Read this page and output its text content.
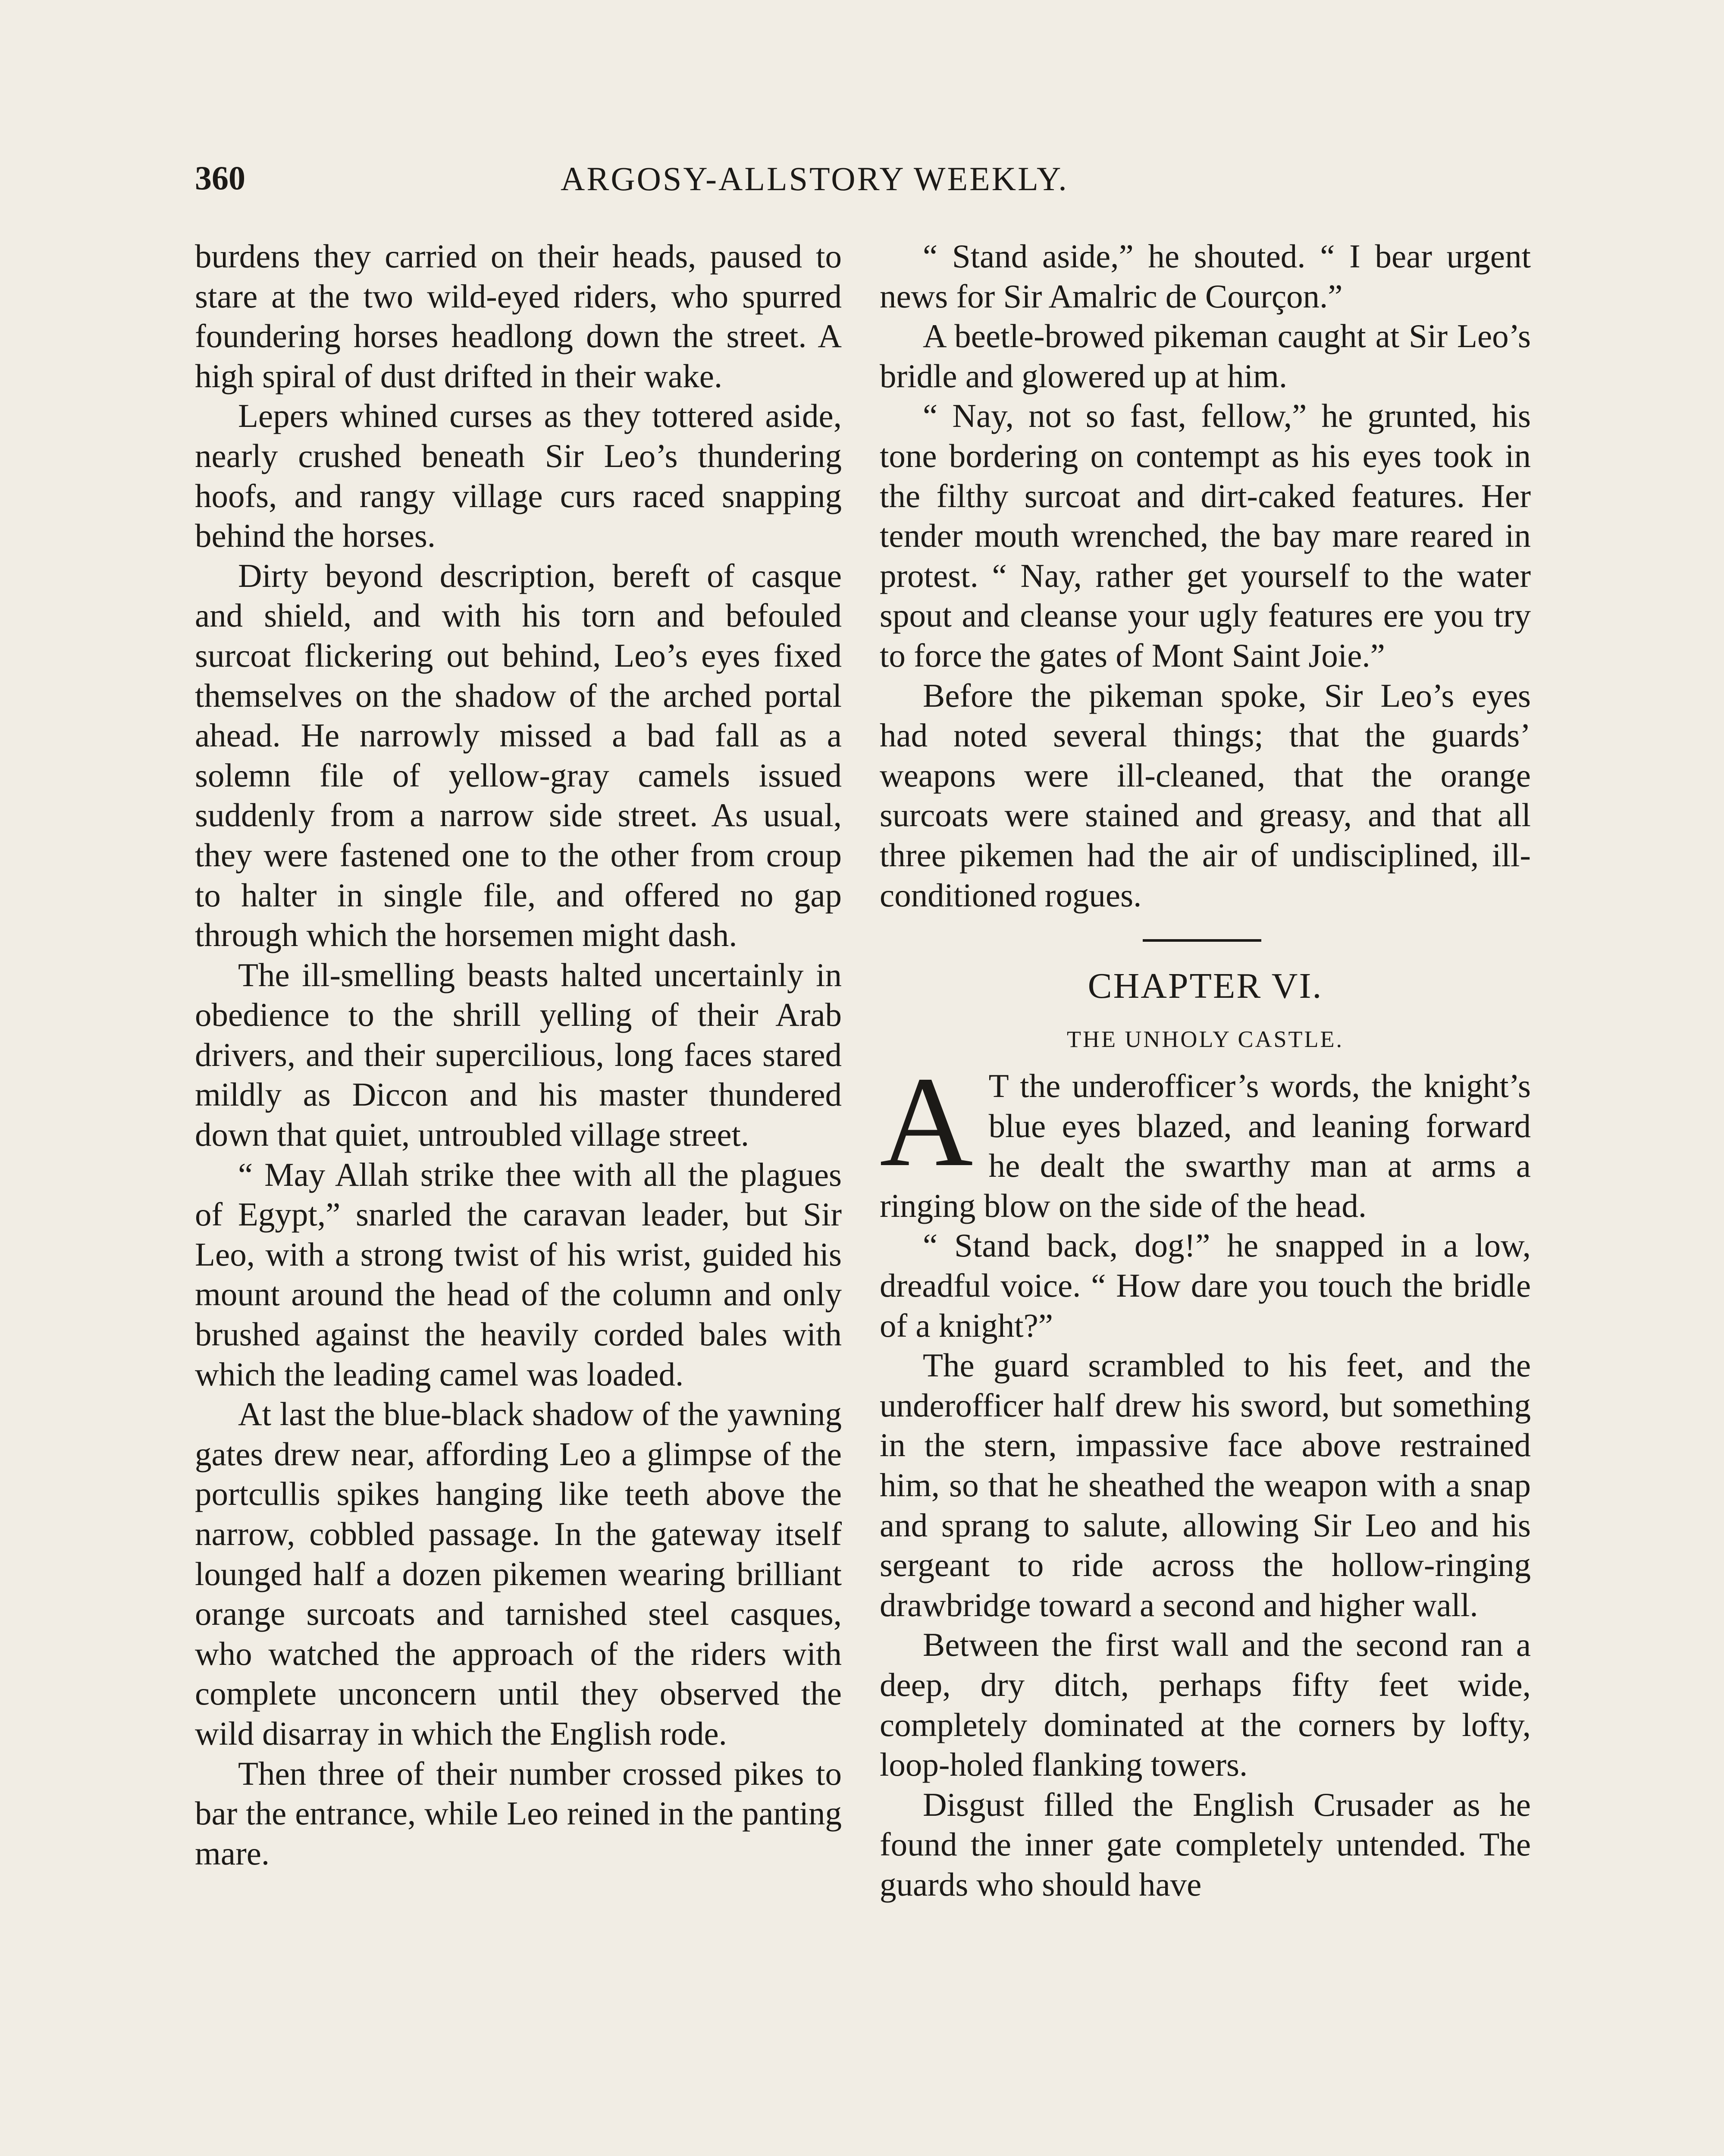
360	ARGOSY-ALLSTORY WEEKLY.

burdens they carried on their heads, paused to stare at the two wild-eyed riders, who spurred foundering horses headlong down the street. A high spiral of dust drifted in their wake.

Lepers whined curses as they tottered aside, nearly crushed beneath Sir Leo’s thundering hoofs, and rangy village curs raced snapping behind the horses.

Dirty beyond description, bereft of casque and shield, and with his torn and befouled surcoat flickering out behind, Leo’s eyes fixed themselves on the shadow of the arched portal ahead. He narrowly missed a bad fall as a solemn file of yellow-gray camels issued suddenly from a narrow side street. As usual, they were fastened one to the other from croup to halter in single file, and offered no gap through which the horsemen might dash.

The ill-smelling beasts halted uncertainly in obedience to the shrill yelling of their Arab drivers, and their supercilious, long faces stared mildly as Diccon and his master thundered down that quiet, untroubled village street.

“ May Allah strike thee with all the plagues of Egypt,” snarled the caravan leader, but Sir Leo, with a strong twist of his wrist, guided his mount around the head of the column and only brushed against the heavily corded bales with which the leading camel was loaded.

At last the blue-black shadow of the yawning gates drew near, affording Leo a glimpse of the portcullis spikes hanging like teeth above the narrow, cobbled passage. In the gateway itself lounged half a dozen pikemen wearing brilliant orange surcoats and tarnished steel casques, who watched the approach of the riders with complete unconcern until they observed the wild disarray in which the English rode.

Then three of their number crossed pikes to bar the entrance, while Leo reined in the panting mare.

“ Stand aside,” he shouted. “ I bear urgent news for Sir Amalric de Courçon.”

A beetle-browed pikeman caught at Sir Leo’s bridle and glowered up at him.

“ Nay, not so fast, fellow,” he grunted, his tone bordering on contempt as his eyes took in the filthy surcoat and dirt-caked features. Her tender mouth wrenched, the bay mare reared in protest. “ Nay, rather get yourself to the water spout and cleanse your ugly features ere you try to force the gates of Mont Saint Joie.”

Before the pikeman spoke, Sir Leo’s eyes had noted several things; that the guards’ weapons were ill-cleaned, that the orange surcoats were stained and greasy, and that all three pikemen had the air of undisciplined, ill-conditioned rogues.

CHAPTER VI.
THE UNHOLY CASTLE.

A T the underofficer’s words, the knight’s blue eyes blazed, and leaning forward he dealt the swarthy man at arms a ringing blow on the side of the head.

“ Stand back, dog!” he snapped in a low, dreadful voice. “ How dare you touch the bridle of a knight?”

The guard scrambled to his feet, and the underofficer half drew his sword, but something in the stern, impassive face above restrained him, so that he sheathed the weapon with a snap and sprang to salute, allowing Sir Leo and his sergeant to ride across the hollow-ringing drawbridge toward a second and higher wall.

Between the first wall and the second ran a deep, dry ditch, perhaps fifty feet wide, completely dominated at the corners by lofty, loop-holed flanking towers.

Disgust filled the English Crusader as he found the inner gate completely untended. The guards who should have
